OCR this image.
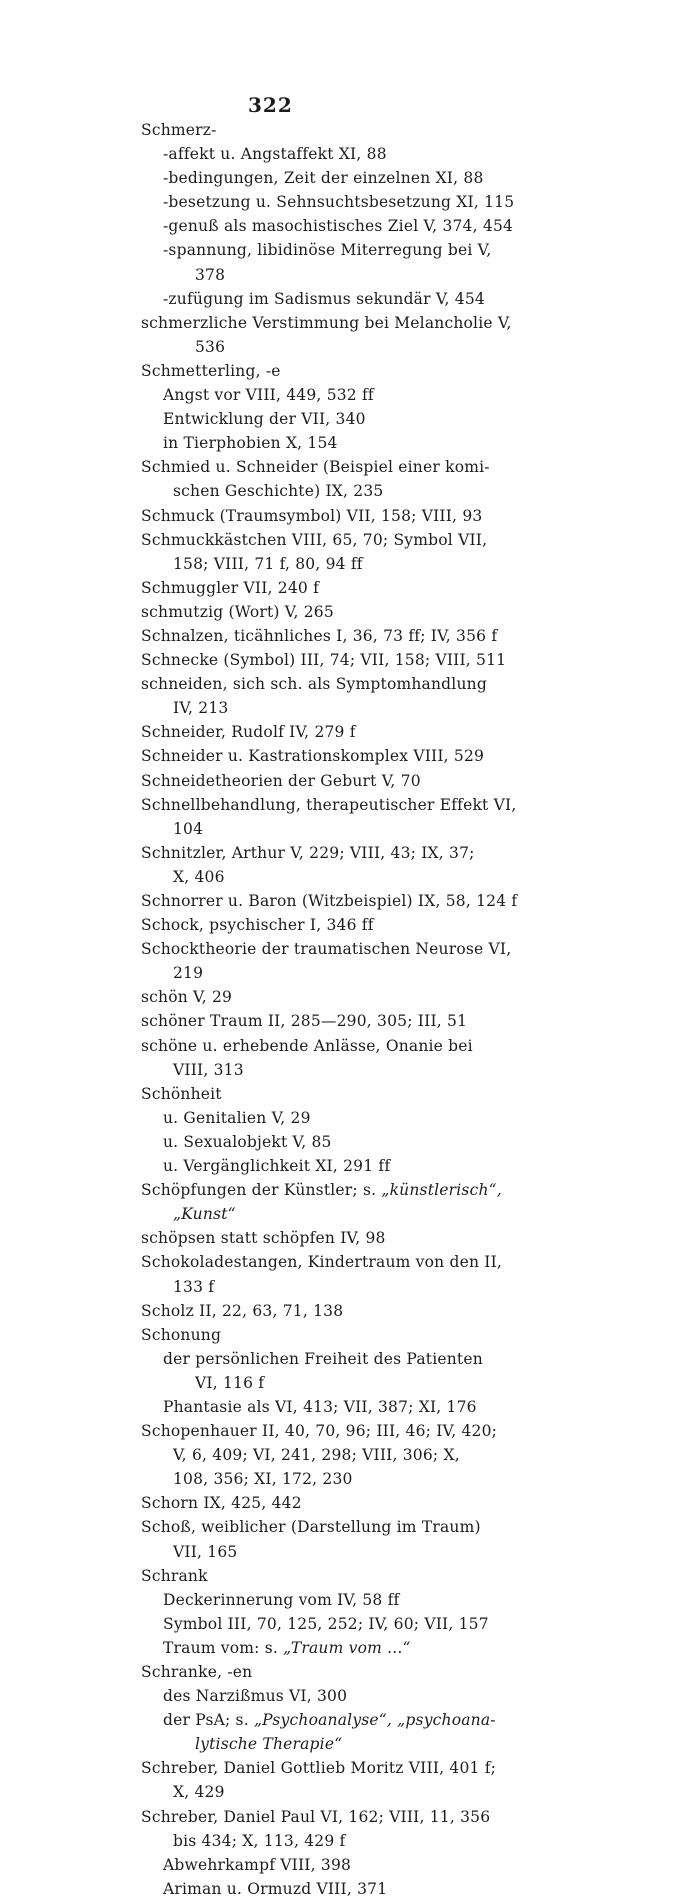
322
Schmerz-
-affekt u. Angstaffekt XI, 88
-bedingungen, Zeit der einzelnen XI, 88
-besetzung u. Sehnsuchtsbesetzung XI, 115
-genuß als masochistisches Ziel V, 374, 454
-spannung, libidinöse Miterregung bei V,
378
-zufügung im Sadismus sekundär V, 454
schmerzliche Verstimmung bei Melancholie V,
536
Schmetterling, -e
Angst vor VIII, 449, 532 ff
Entwicklung der VII, 340
in Tierphobien X, 154
Schmied u. Schneider (Beispiel einer komi-
schen Geschichte) IX, 235
Schmuck (Traumsymbol) VII, 158; VIII, 93
Schmuckkästchen VIII, 65, 70; Symbol VII,
158; VIII, 71 f, 80, 94 ff
Schmuggler VII, 240 f
schmutzig (Wort) V, 265
Schnalzen, ticähnliches I, 36, 73 ff; IV, 356 f
Schnecke (Symbol) III, 74; VII, 158; VIII, 511
schneiden, sich sch. als Symptomhandlung
IV, 213
Schneider, Rudolf IV, 279 f
Schneider u. Kastrationskomplex VIII, 529
Schneidetheorien der Geburt V, 70
Schnellbehandlung, therapeutischer Effekt VI,
104
Schnitzler, Arthur V, 229; VIII, 43; IX, 37;
X, 406
Schnorrer u. Baron (Witzbeispiel) IX, 58, 124 f
Schock, psychischer I, 346 ff
Schocktheorie der traumatischen Neurose VI,
219
schön V, 29
schöner Traum II, 285—290, 305; III, 51
schöne u. erhebende Anlässe, Onanie bei
VIII, 313
Schönheit
u. Genitalien V, 29
u. Sexualobjekt V, 85
u. Vergänglichkeit XI, 291 ff
Schöpfungen der Künstler; s. „künstlerisch“,
„Kunst“
schöpsen statt schöpfen IV, 98
Schokoladestangen, Kindertraum von den II,
133 f
Scholz II, 22, 63, 71, 138
Schonung
der persönlichen Freiheit des Patienten
VI, 116 f
Phantasie als VI, 413; VII, 387; XI, 176
Schopenhauer II, 40, 70, 96; III, 46; IV, 420;
V, 6, 409; VI, 241, 298; VIII, 306; X,
108, 356; XI, 172, 230
Schorn IX, 425, 442
Schoß, weiblicher (Darstellung im Traum)
VII, 165
Schrank
Deckerinnerung vom IV, 58 ff
Symbol III, 70, 125, 252; IV, 60; VII, 157
Traum vom: s. „Traum vom ...“
Schranke, -en
des Narzißmus VI, 300
der PsA; s. „Psychoanalyse“, „psychoana-
lytische Therapie“
Schreber, Daniel Gottlieb Moritz VIII, 401 f;
X, 429
Schreber, Daniel Paul VI, 162; VIII, 11, 356
bis 434; X, 113, 429 f
Abwehrkampf VIII, 398
Ariman u. Ormuzd VIII, 371
